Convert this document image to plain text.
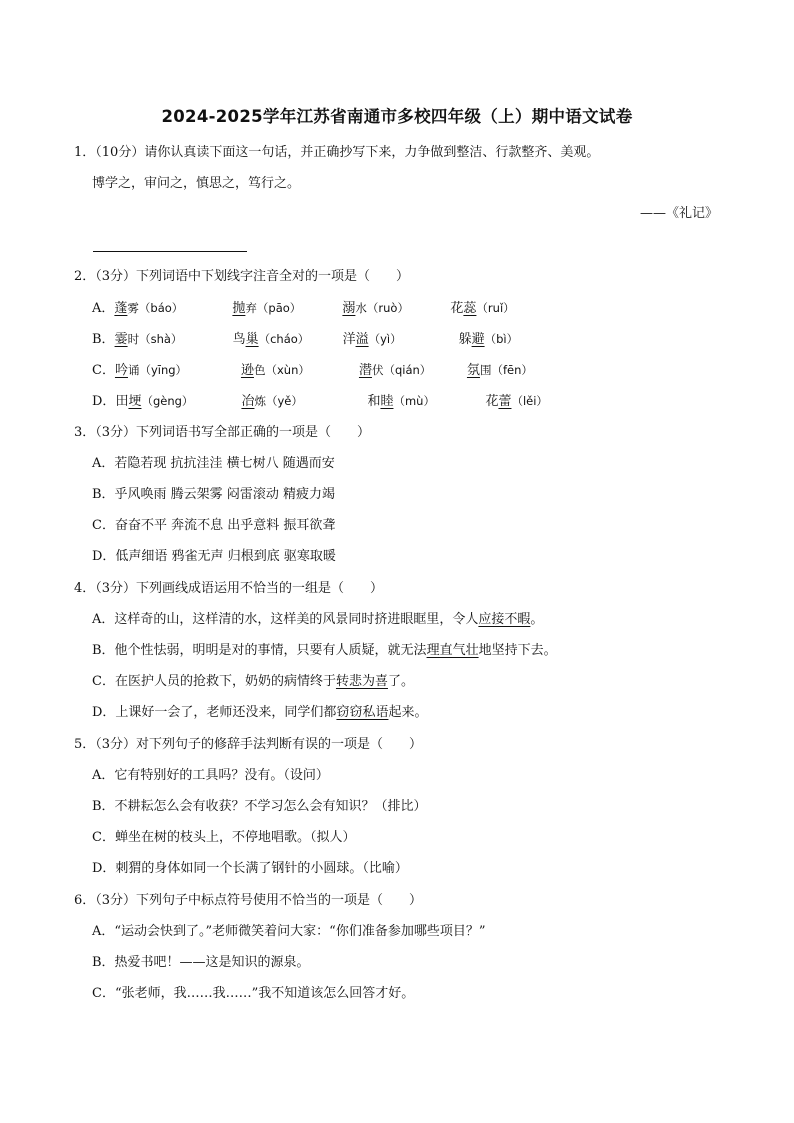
2024-2025学年江苏省南通市多校四年级（上）期中语文试卷
1．（10分）请你认真读下面这一句话，并正确抄写下来，力争做到整洁、行款整齐、美观。
博学之，审问之，慎思之，笃行之。
——《礼记》
2．（3分）下列词语中下划线字注音全对的一项是（　　）
A．蓬雾（báo）	抛弃（pāo）	溺水（ruò）	花蕊（ruǐ）
B．霎时（shà）	鸟巢（cháo）	洋溢（yì）	躲避（bì）
C．吟诵（yīng）	逊色（xùn）	潜伏（qián）	氛围（fēn）
D．田埂（gèng）	冶炼（yě）	和睦（mù）	花蕾（lěi）
3．（3分）下列词语书写全部正确的一项是（　　）
A．若隐若现 抗抗洼洼 横七树八 随遇而安
B．乎风唤雨 腾云架雾 闷雷滚动 精疲力竭
C．奋奋不平 奔流不息 出乎意料 振耳欲聋
D．低声细语 鸦雀无声 归根到底 驱寒取暖
4．（3分）下列画线成语运用不恰当的一组是（　　）
A．这样奇的山，这样清的水，这样美的风景同时挤进眼眶里，令人应接不暇。
B．他个性怯弱，明明是对的事情，只要有人质疑，就无法理直气壮地坚持下去。
C．在医护人员的抢救下，奶奶的病情终于转悲为喜了。
D．上课好一会了，老师还没来，同学们都窃窃私语起来。
5．（3分）对下列句子的修辞手法判断有误的一项是（　　）
A．它有特别好的工具吗？没有。（设问）
B．不耕耘怎么会有收获？不学习怎么会有知识？（排比）
C．蝉坐在树的枝头上，不停地唱歌。（拟人）
D．刺猬的身体如同一个长满了钢针的小圆球。（比喻）
6．（3分）下列句子中标点符号使用不恰当的一项是（　　）
A．“运动会快到了。”老师微笑着问大家：“你们准备参加哪些项目？”
B．热爱书吧！——这是知识的源泉。
C．“张老师，我……我……”我不知道该怎么回答才好。
